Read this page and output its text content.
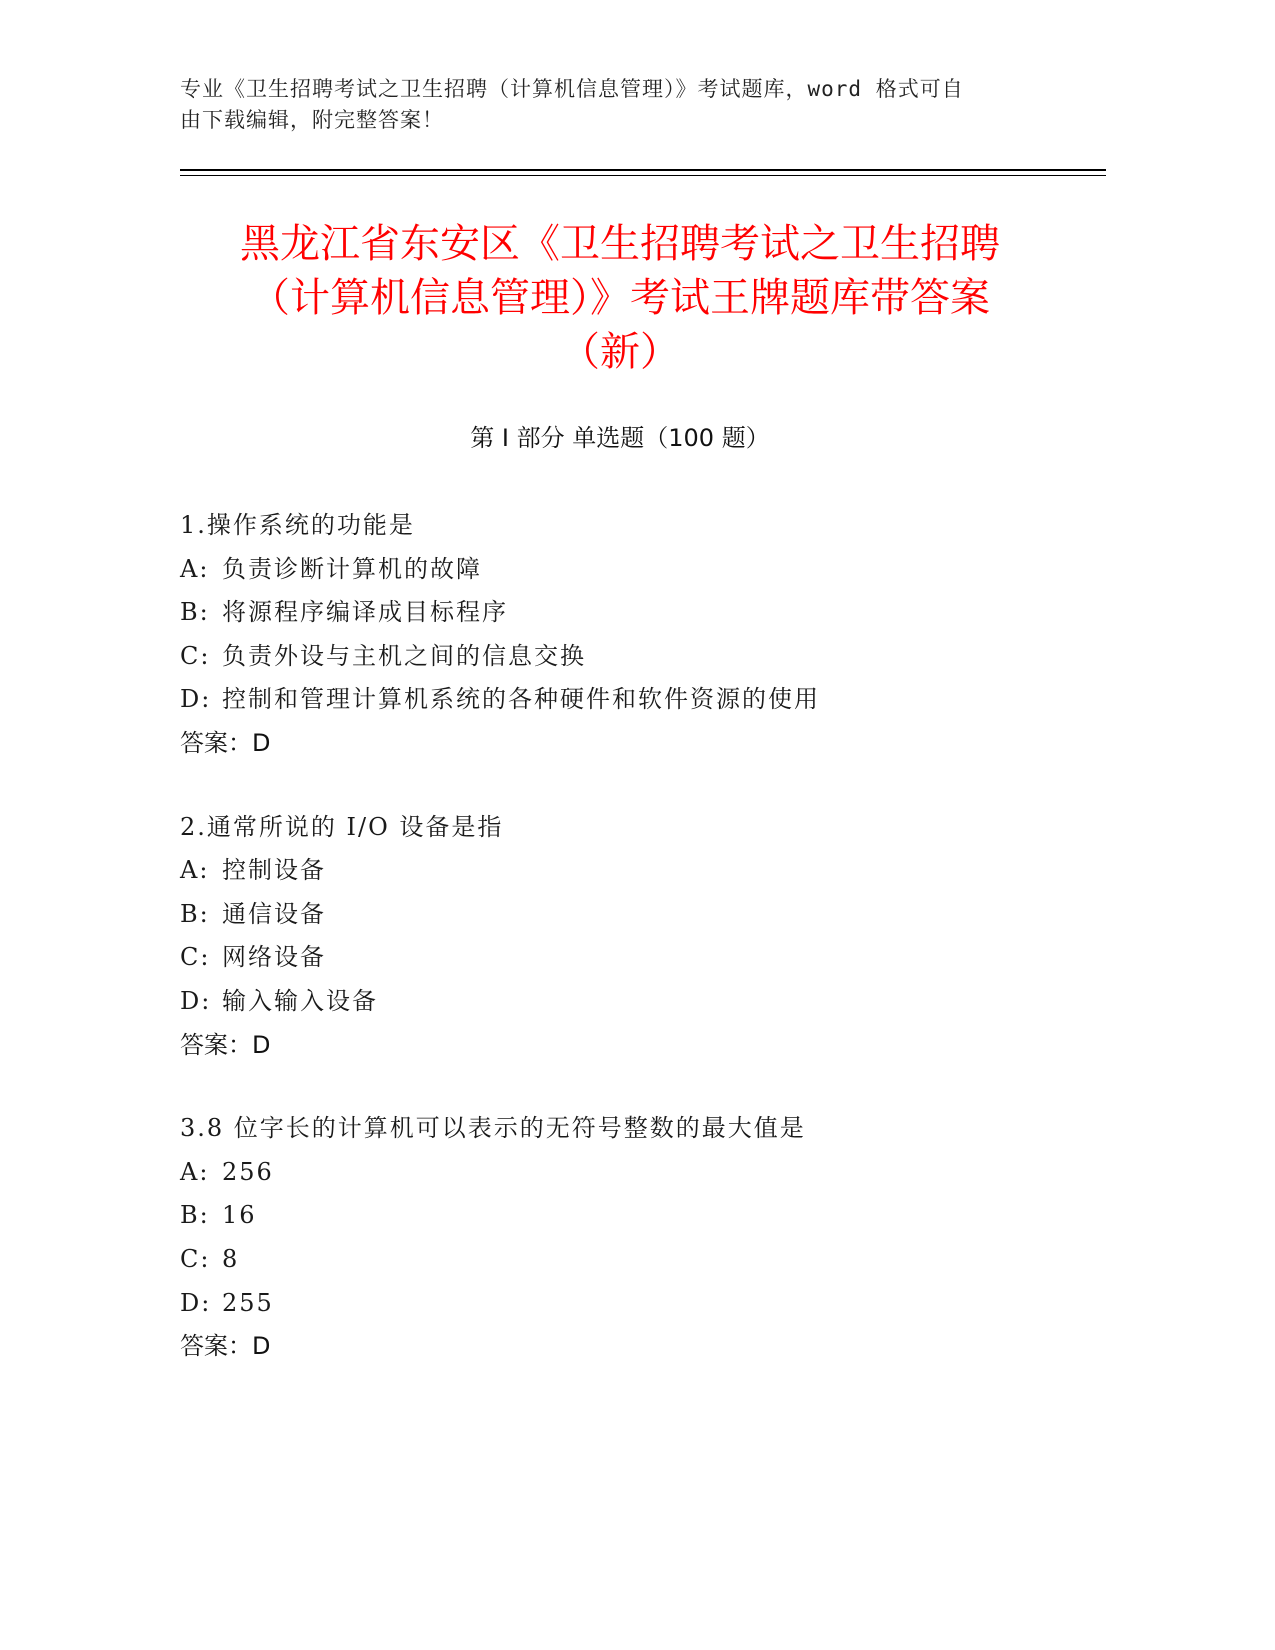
专业《卫生招聘考试之卫生招聘（计算机信息管理）》考试题库，word 格式可自
由下载编辑，附完整答案！
黑龙江省东安区《卫生招聘考试之卫生招聘
（计算机信息管理）》考试王牌题库带答案
（新）
第 I 部分 单选题（100 题）
1.操作系统的功能是
A: 负责诊断计算机的故障
B: 将源程序编译成目标程序
C: 负责外设与主机之间的信息交换
D: 控制和管理计算机系统的各种硬件和软件资源的使用
答案：D
2.通常所说的 I/O 设备是指
A: 控制设备
B: 通信设备
C: 网络设备
D: 输入输入设备
答案：D
3.8 位字长的计算机可以表示的无符号整数的最大值是
A: 256
B: 16
C: 8
D: 255
答案：D
